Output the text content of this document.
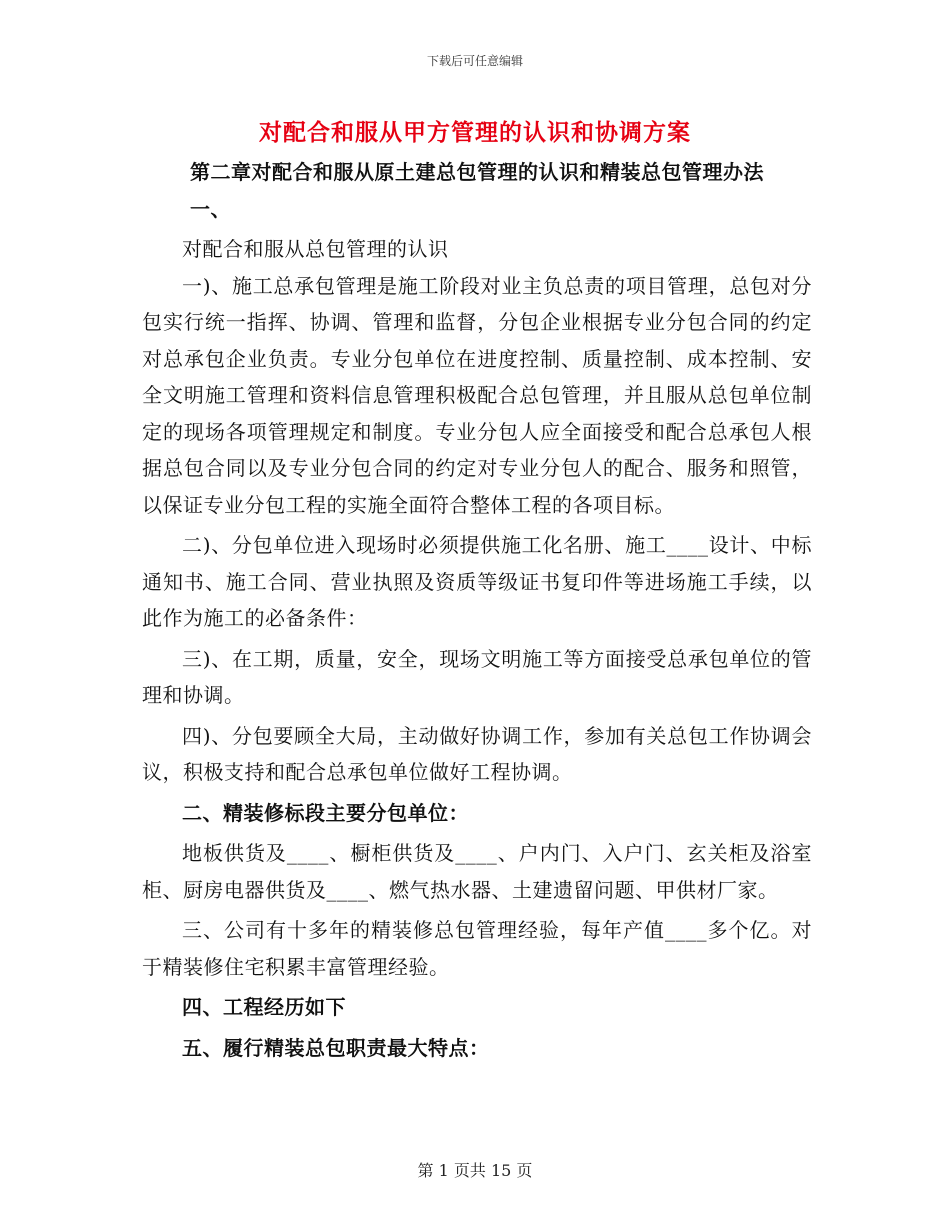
下载后可任意编辑
对配合和服从甲方管理的认识和协调方案

第二章对配合和服从原土建总包管理的认识和精装总包管理办法

一、

对配合和服从总包管理的认识

一)、施工总承包管理是施工阶段对业主负总责的项目管理，总包对分包实行统一指挥、协调、管理和监督，分包企业根据专业分包合同的约定对总承包企业负责。专业分包单位在进度控制、质量控制、成本控制、安全文明施工管理和资料信息管理积极配合总包管理，并且服从总包单位制定的现场各项管理规定和制度。专业分包人应全面接受和配合总承包人根据总包合同以及专业分包合同的约定对专业分包人的配合、服务和照管，以保证专业分包工程的实施全面符合整体工程的各项目标。

二)、分包单位进入现场时必须提供施工化名册、施工____设计、中标通知书、施工合同、营业执照及资质等级证书复印件等进场施工手续，以此作为施工的必备条件：

三)、在工期，质量，安全，现场文明施工等方面接受总承包单位的管理和协调。

四)、分包要顾全大局，主动做好协调工作，参加有关总包工作协调会议，积极支持和配合总承包单位做好工程协调。

二、精装修标段主要分包单位：

地板供货及____、橱柜供货及____、户内门、入户门、玄关柜及浴室柜、厨房电器供货及____、燃气热水器、土建遗留问题、甲供材厂家。

三、公司有十多年的精装修总包管理经验，每年产值____多个亿。对于精装修住宅积累丰富管理经验。

四、工程经历如下

五、履行精装总包职责最大特点：

第 1 页共 15 页
